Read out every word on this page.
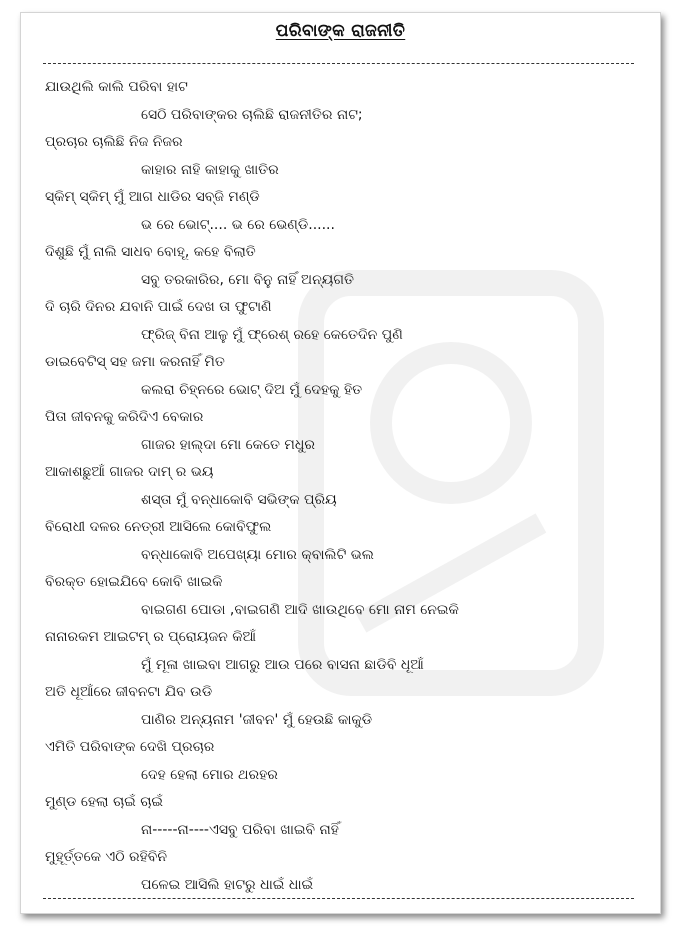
ପରିବାଙ୍କ ରାଜନୀତି
ଯାଉଥିଲି କାଲି ପରିବା ହାଟ
ସେଠି ପରିବାଙ୍କର ଚାଲିଛି ରାଜନୀତିର ନାଟ;
ପ୍ରଚାର ଚାଲିଛି ନିଜ ନିଜର
କାହାର ନାହି କାହାକୁ ଖାତିର
ସ୍କିମ୍ ସ୍କିମ୍ ମୁଁ ଆଗ ଧାଡିର ସବ୍ଜି ମଣ୍ଡି
ଭ ରେ ଭୋଟ୍.... ଭ ରେ ଭେଣ୍ଡି......
ଦିଶୁଛି ମୁଁ ନାଲି ସାଧବ ବୋହୂ, କହେ ବିଲାତି
ସବୁ ତରକାରିର, ମୋ ବିନୁ ନାହିଁ ଅନ୍ୟଗତି
ଦି ଚାରି ଦିନର ଯବାନି ପାଇଁ ଦେଖ ତା ଫୁଟାଣି
ଫ୍ରିଜ୍ ବିନା ଆଳୁ ମୁଁ ଫ୍ରେଶ୍ ରହେ କେତେଦିନ ପୁଣି
ଡାଇବେଟିସ୍ ସହ ଜମା କରନାହିଁ ମିତ
କଲରା ଚିହ୍ନରେ ଭୋଟ୍ ଦିଅ ମୁଁ ଦେହକୁ ହିତ
ପିତା ଜୀବନକୁ କରିଦିଏ ବେକାର
ଗାଜର ହାଲ୍ଦା ମୋ କେତେ ମଧୁର
ଆକାଶଛୁଆଁ ଗାଜର ଦାମ୍ ର ଭୟ
ଶସ୍ତା ମୁଁ ବନ୍ଧାକୋବି ସଭିଙ୍କ ପ୍ରିୟ
ବିରୋଧୀ ଦଳର ନେତ୍ରୀ ଆସିଲେ କୋବିଫୁଲ
ବନ୍ଧାକୋବି ଅପେଖ୍ୟା ମୋର କ୍ବାଲିଟି ଭଲ
ବିରକ୍ତ ହୋଇଯିବେ କୋବି ଖାଇକି
ବାଇଗଣ ପୋଡା ,ବାଇଗଣି ଆଦି ଖାଉଥିବେ ମୋ ନାମ ନେଇକି
ନାନାରକମ ଆଇଟମ୍ ର ପ୍ରୋୟଜନ କିଆଁ
ମୁଁ ମୂଳା ଖାଇବା ଆଗରୁ ଆଉ ପରେ ବାସନା ଛାଡିବି ଧୂଆଁ
ଅତି ଧୂଆଁରେ ଜୀବନଟା ଯିବ ଉଡି
ପାଣିର ଅନ୍ୟନାମ 'ଜୀବନ' ମୁଁ ହେଉଛି କାକୁଡି
ଏମିତି ପରିବାଙ୍କ ଦେଖି ପ୍ରଚାର
ଦେହ ହେଲା ମୋର ଥରହର
ମୁଣ୍ଡ ହେଲା ଚାଇଁ ଚାଇଁ
ନା-----ନା----ଏସବୁ ପରିବା ଖାଇବି ନାହିଁ
ମୁହୂର୍ତ୍ତକେ ଏଠି ରହିବିନି
ପଳେଇ ଆସିଲି ହାଟରୁ ଧାଇଁ ଧାଇଁ
